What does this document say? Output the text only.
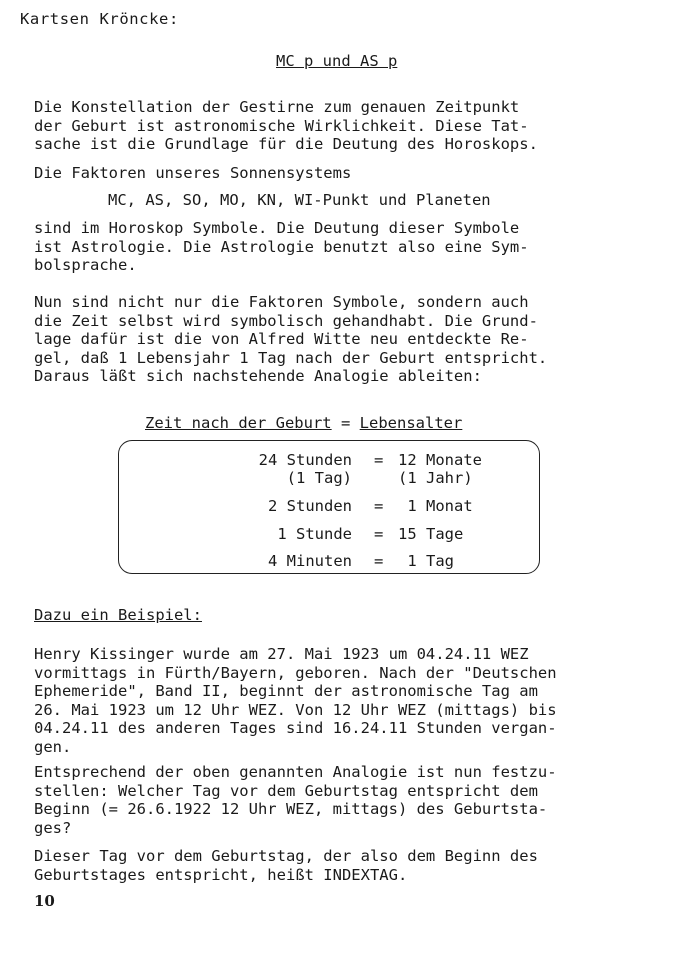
Kartsen Kröncke:
MC p und AS p
Die Konstellation der Gestirne zum genauen Zeitpunkt
der Geburt ist astronomische Wirklichkeit. Diese Tat-
sache ist die Grundlage für die Deutung des Horoskops.
Die Faktoren unseres Sonnensystems
MC, AS, SO, MO, KN, WI-Punkt und Planeten
sind im Horoskop Symbole. Die Deutung dieser Symbole
ist Astrologie. Die Astrologie benutzt also eine Sym-
bolsprache.
Nun sind nicht nur die Faktoren Symbole, sondern auch
die Zeit selbst wird symbolisch gehandhabt. Die Grund-
lage dafür ist die von Alfred Witte neu entdeckte Re-
gel, daß 1 Lebensjahr 1 Tag nach der Geburt entspricht.
Daraus läßt sich nachstehende Analogie ableiten:
Zeit nach der Geburt = Lebensalter
24 Stunden = 12 Monate
(1 Tag)	(1 Jahr)
2 Stunden = 1 Monat
1 Stunde = 15 Tage
4 Minuten = 1 Tag
Dazu ein Beispiel:
Henry Kissinger wurde am 27. Mai 1923 um 04.24.11 WEZ
vormittags in Fürth/Bayern, geboren. Nach der "Deutschen
Ephemeride", Band II, beginnt der astronomische Tag am
26. Mai 1923 um 12 Uhr WEZ. Von 12 Uhr WEZ (mittags) bis
04.24.11 des anderen Tages sind 16.24.11 Stunden vergan-
gen.
Entsprechend der oben genannten Analogie ist nun festzu-
stellen: Welcher Tag vor dem Geburtstag entspricht dem
Beginn (= 26.6.1922 12 Uhr WEZ, mittags) des Geburtsta-
ges?
Dieser Tag vor dem Geburtstag, der also dem Beginn des
Geburtstages entspricht, heißt INDEXTAG.
10
